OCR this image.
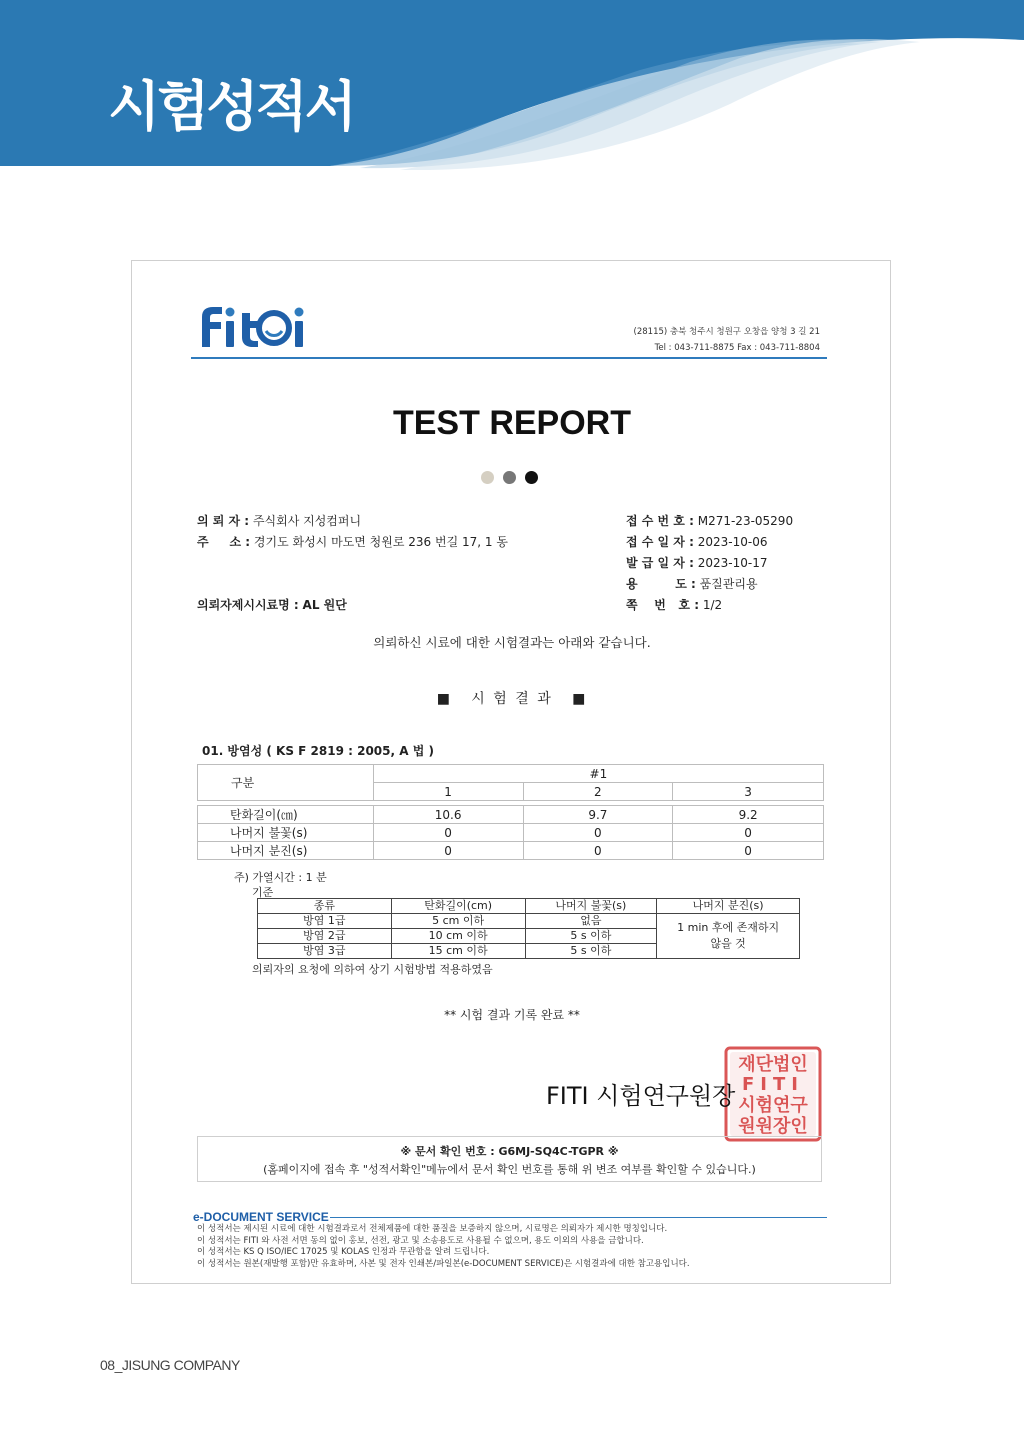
시험성적서
(28115) 충북 청주시 청원구 오창읍 양청 3 길 21
Tel : 043-711-8875 Fax : 043-711-8804
TEST REPORT
의 뢰 자 : 주식회사 지성컴퍼니
주     소 : 경기도 화성시 마도면 청원로 236 번길 17, 1 동
의뢰자제시시료명 : AL 원단
접 수 번 호 : M271-23-05290
접 수 일 자 : 2023-10-06
발 급 일 자 : 2023-10-17
용         도 : 품질관리용
쪽    번   호 : 1/2
의뢰하신 시료에 대한 시험결과는 아래와 같습니다.
■   시 험 결 과   ■
01. 방염성 ( KS F 2819 : 2005, A 법 )
구분	#1		
	1	2	3

탄화길이(㎝)	10.6	9.7	9.2
나머지 불꽃(s)	0	0	0
나머지 분진(s)	0	0	0
주) 가열시간 : 1 분
기준
종류	탄화길이(cm)	나머지 불꽃(s)	나머지 분진(s)
방염 1급	5 cm 이하	없음	1 min 후에 존재하지
않을 것

방염 2급	10 cm 이하	5 s 이하	
방염 3급	15 cm 이하	5 s 이하	
의뢰자의 요청에 의하여 상기 시험방법 적용하였음
** 시험 결과 기록 완료 **
재단법인
FITI
시험연구
원원장인
FITI 시험연구원장
※ 문서 확인 번호 : G6MJ-SQ4C-TGPR ※
(홈페이지에 접속 후 "성적서확인"메뉴에서 문서 확인 번호를 통해 위 변조 여부를 확인할 수 있습니다.)
e-DOCUMENT SERVICE
이 성적서는 제시된 시료에 대한 시험결과로서 전체제품에 대한 품질을 보증하지 않으며, 시료명은 의뢰자가 제시한 명칭입니다.
이 성적서는 FITI 와 사전 서면 동의 없이 홍보, 선전, 광고 및 소송용도로 사용될 수 없으며, 용도 이외의 사용을 금합니다.
이 성적서는 KS Q ISO/IEC 17025 및 KOLAS 인정과 무관함을 알려 드립니다.
이 성적서는 원본(재발행 포함)만 유효하며, 사본 및 전자 인쇄본/파일본(e-DOCUMENT SERVICE)은 시험결과에 대한 참고용입니다.
08_JISUNG COMPANY
